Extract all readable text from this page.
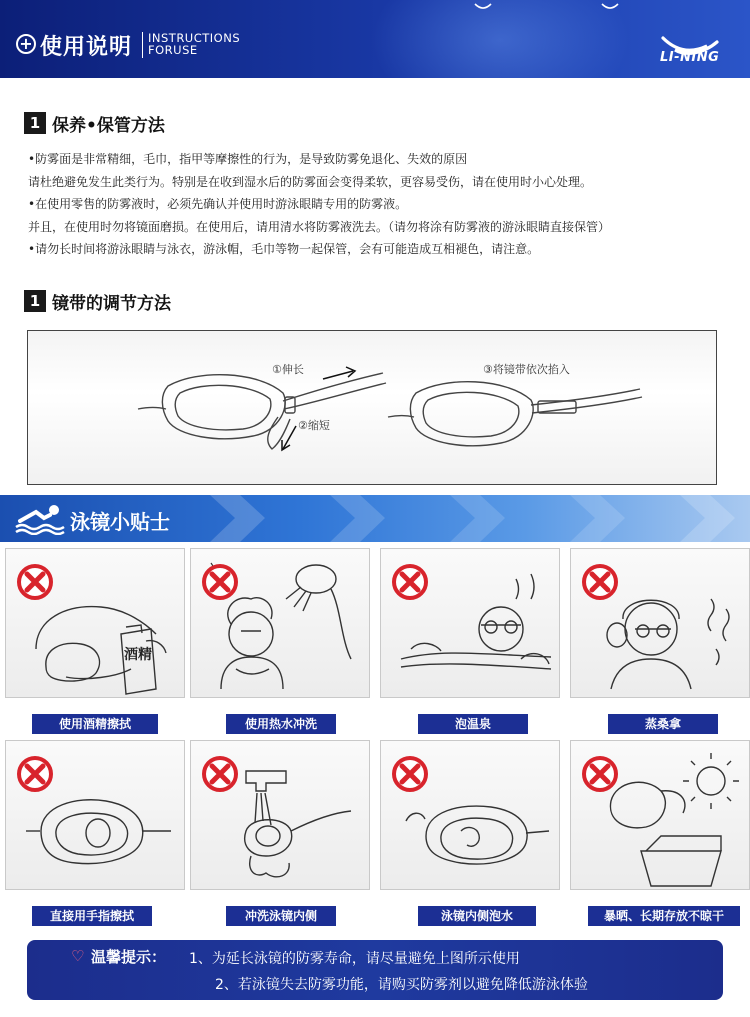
+ 使用说明 INSTRUCTIONS
FORUSE	LI-NING
1 保养•保管方法

•防雾面是非常精细，毛巾，指甲等摩擦性的行为，是导致防雾免退化、失效的原因

请杜绝避免发生此类行为。特别是在收到湿水后的防雾面会变得柔软，更容易受伤，请在使用时小心处理。

•在使用零售的防雾液时，必须先确认并使用时游泳眼睛专用的防雾液。

并且，在使用时勿将镜面磨损。在使用后，请用清水将防雾液洗去。（请勿将涂有防雾液的游泳眼睛直接保管）

•请勿长时间将游泳眼睛与泳衣，游泳帽，毛巾等物一起保管，会有可能造成互相褪色，请注意。

1 镜带的调节方法
①伸长
②缩短
③将镜带依次掐入
泳镜小贴士
酒精
使用酒精擦拭	使用热水冲洗	泡温泉	蒸桑拿
直接用手指擦拭	冲洗泳镜内侧	泳镜内侧泡水	暴晒、长期存放不晾干
♡ 温馨提示： 1、为延长泳镜的防雾寿命，请尽量避免上图所示使用
2、若泳镜失去防雾功能，请购买防雾剂以避免降低游泳体验
